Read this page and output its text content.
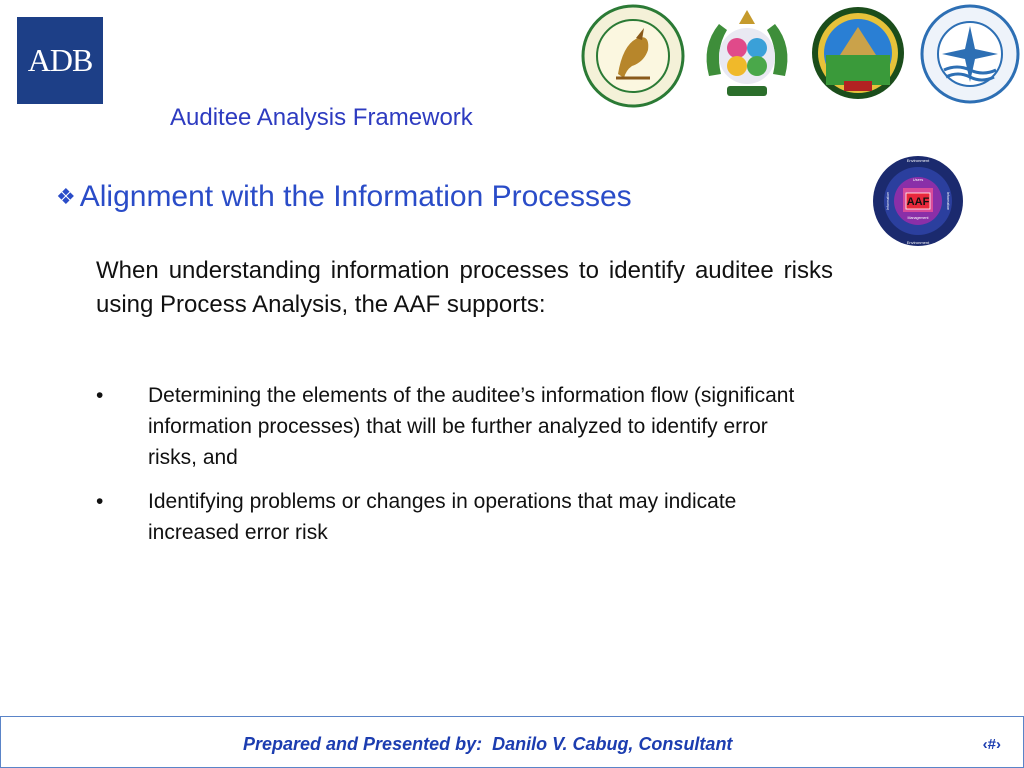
ADB
Auditee Analysis Framework
❖ Alignment with the Information Processes	AAF
Environment
Environment
Users
Management
Information	Information
When understanding information processes to identify auditee risks using Process Analysis, the AAF supports:
•	Determining the elements of the auditee’s information flow (significant information processes) that will be further analyzed to identify error risks, and
•	Identifying problems or changes in operations that may indicate increased error risk
Prepared and Presented by:  Danilo V. Cabug, Consultant	‹#›
